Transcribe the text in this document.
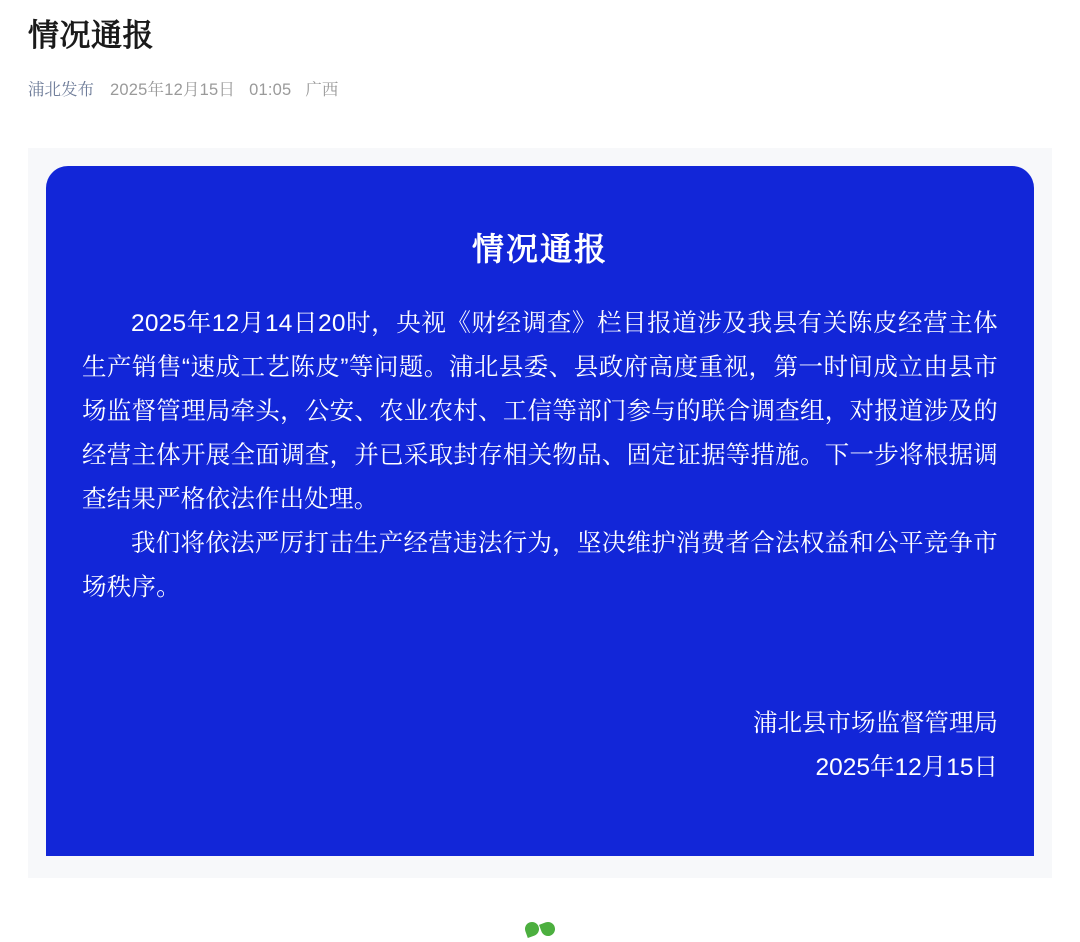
情况通报
浦北发布 2025年12月15日 01:05 广西
情况通报

2025年12月14日20时，央视《财经调查》栏目报道涉及我县有关陈皮经营主体生产销售“速成工艺陈皮”等问题。浦北县委、县政府高度重视，第一时间成立由县市场监督管理局牵头，公安、农业农村、工信等部门参与的联合调查组，对报道涉及的经营主体开展全面调查，并已采取封存相关物品、固定证据等措施。下一步将根据调查结果严格依法作出处理。

我们将依法严厉打击生产经营违法行为，坚决维护消费者合法权益和公平竞争市场秩序。

浦北县市场监督管理局
2025年12月15日
